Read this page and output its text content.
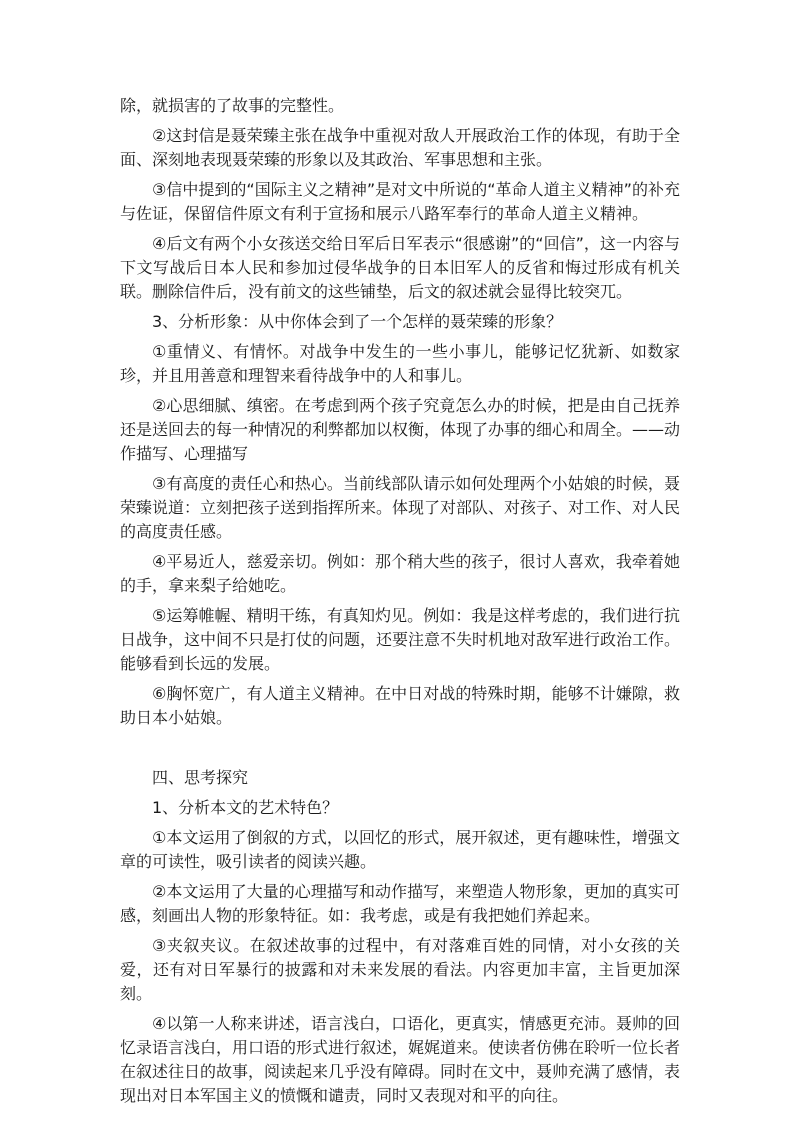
除，就损害的了故事的完整性。

②这封信是聂荣臻主张在战争中重视对敌人开展政治工作的体现，有助于全面、深刻地表现聂荣臻的形象以及其政治、军事思想和主张。

③信中提到的“国际主义之精神”是对文中所说的“革命人道主义精神”的补充与佐证，保留信件原文有利于宣扬和展示八路军奉行的革命人道主义精神。

④后文有两个小女孩送交给日军后日军表示“很感谢”的“回信”，这一内容与下文写战后日本人民和参加过侵华战争的日本旧军人的反省和悔过形成有机关联。删除信件后，没有前文的这些铺垫，后文的叙述就会显得比较突兀。

3、分析形象：从中你体会到了一个怎样的聂荣臻的形象？

①重情义、有情怀。对战争中发生的一些小事儿，能够记忆犹新、如数家珍，并且用善意和理智来看待战争中的人和事儿。

②心思细腻、缜密。在考虑到两个孩子究竟怎么办的时候，把是由自己抚养还是送回去的每一种情况的利弊都加以权衡，体现了办事的细心和周全。——动作描写、心理描写

③有高度的责任心和热心。当前线部队请示如何处理两个小姑娘的时候，聂荣臻说道：立刻把孩子送到指挥所来。体现了对部队、对孩子、对工作、对人民的高度责任感。

④平易近人，慈爱亲切。例如：那个稍大些的孩子，很讨人喜欢，我牵着她的手，拿来梨子给她吃。

⑤运筹帷幄、精明干练，有真知灼见。例如：我是这样考虑的，我们进行抗日战争，这中间不只是打仗的问题，还要注意不失时机地对敌军进行政治工作。能够看到长远的发展。

⑥胸怀宽广，有人道主义精神。在中日对战的特殊时期，能够不计嫌隙，救助日本小姑娘。

四、思考探究

1、分析本文的艺术特色？

①本文运用了倒叙的方式，以回忆的形式，展开叙述，更有趣味性，增强文章的可读性，吸引读者的阅读兴趣。

②本文运用了大量的心理描写和动作描写，来塑造人物形象，更加的真实可感，刻画出人物的形象特征。如：我考虑，或是有我把她们养起来。

③夹叙夹议。在叙述故事的过程中，有对落难百姓的同情，对小女孩的关爱，还有对日军暴行的披露和对未来发展的看法。内容更加丰富，主旨更加深刻。

④以第一人称来讲述，语言浅白，口语化，更真实，情感更充沛。聂帅的回忆录语言浅白，用口语的形式进行叙述，娓娓道来。使读者仿佛在聆听一位长者在叙述往日的故事，阅读起来几乎没有障碍。同时在文中，聂帅充满了感情，表现出对日本军国主义的愤慨和谴责，同时又表现对和平的向往。
